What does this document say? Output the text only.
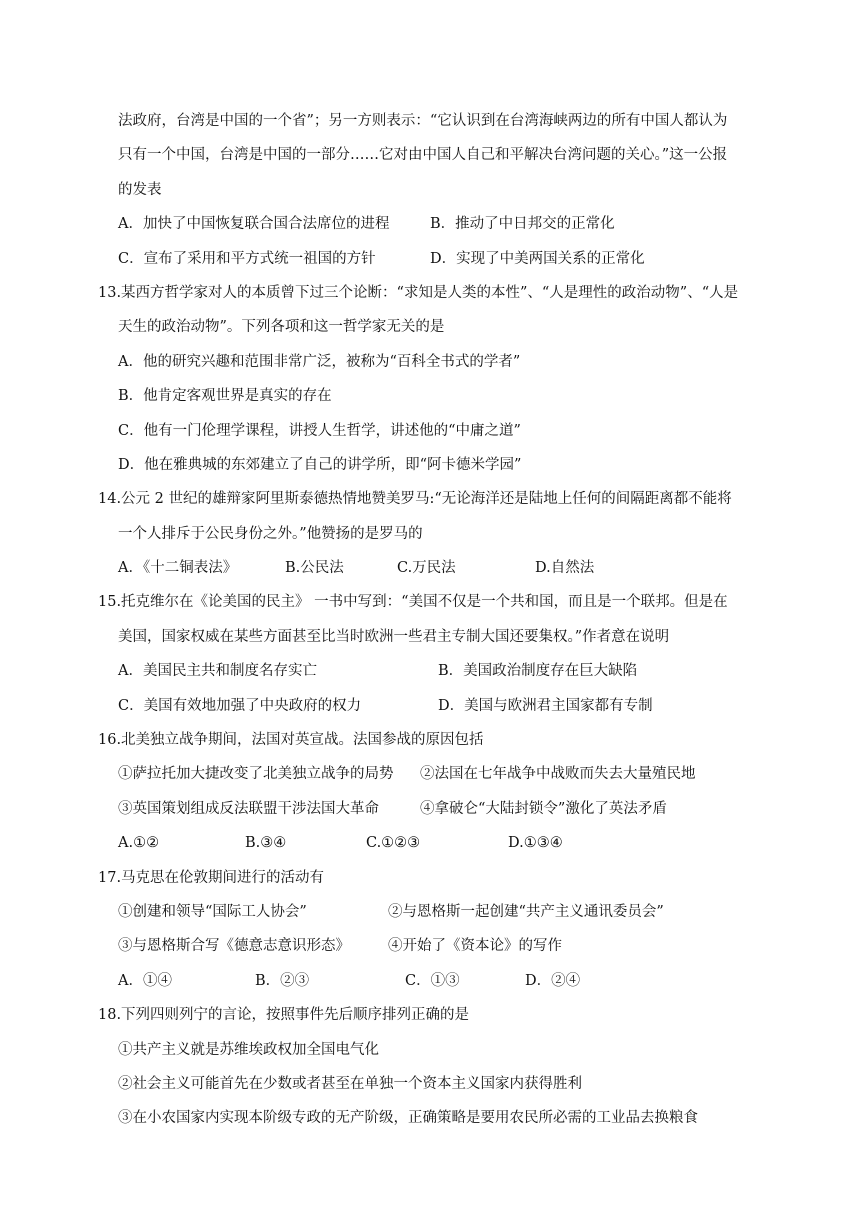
法政府，台湾是中国的一个省”；另一方则表示：“它认识到在台湾海峡两边的所有中国人都认为
只有一个中国，台湾是中国的一部分……它对由中国人自己和平解决台湾问题的关心。”这一公报
的发表
A．加快了中国恢复联合国合法席位的进程	B．推动了中日邦交的正常化
C．宣布了采用和平方式统一祖国的方针	D．实现了中美两国关系的正常化
13.某西方哲学家对人的本质曾下过三个论断：“求知是人类的本性”、“人是理性的政治动物”、“人是
天生的政治动物”。下列各项和这一哲学家无关的是
A．他的研究兴趣和范围非常广泛，被称为“百科全书式的学者”
B．他肯定客观世界是真实的存在
C．他有一门伦理学课程，讲授人生哲学，讲述他的“中庸之道”
D．他在雅典城的东郊建立了自己的讲学所，即“阿卡德米学园”
14.公元 2 世纪的雄辩家阿里斯泰德热情地赞美罗马:“无论海洋还是陆地上任何的间隔距离都不能将
一个人排斥于公民身份之外。”他赞扬的是罗马的
A．《十二铜表法》	B.公民法	C.万民法	D.自然法
15.托克维尔在《论美国的民主》 一书中写到：“美国不仅是一个共和国，而且是一个联邦。但是在
美国，国家权威在某些方面甚至比当时欧洲一些君主专制大国还要集权。”作者意在说明
A．美国民主共和制度名存实亡	B．美国政治制度存在巨大缺陷
C．美国有效地加强了中央政府的权力	D．美国与欧洲君主国家都有专制
16.北美独立战争期间，法国对英宣战。法国参战的原因包括
①萨拉托加大捷改变了北美独立战争的局势	②法国在七年战争中战败而失去大量殖民地
③英国策划组成反法联盟干涉法国大革命	④拿破仑“大陆封锁令”激化了英法矛盾
A.①②	B.③④	C.①②③	D.①③④
17.马克思在伦敦期间进行的活动有
①创建和领导“国际工人协会”	②与恩格斯一起创建“共产主义通讯委员会”
③与恩格斯合写《德意志意识形态》	④开始了《资本论》的写作
A．①④	B．②③	C．①③	D．②④
18.下列四则列宁的言论，按照事件先后顺序排列正确的是
①共产主义就是苏维埃政权加全国电气化
②社会主义可能首先在少数或者甚至在单独一个资本主义国家内获得胜利
③在小农国家内实现本阶级专政的无产阶级，正确策略是要用农民所必需的工业品去换粮食
